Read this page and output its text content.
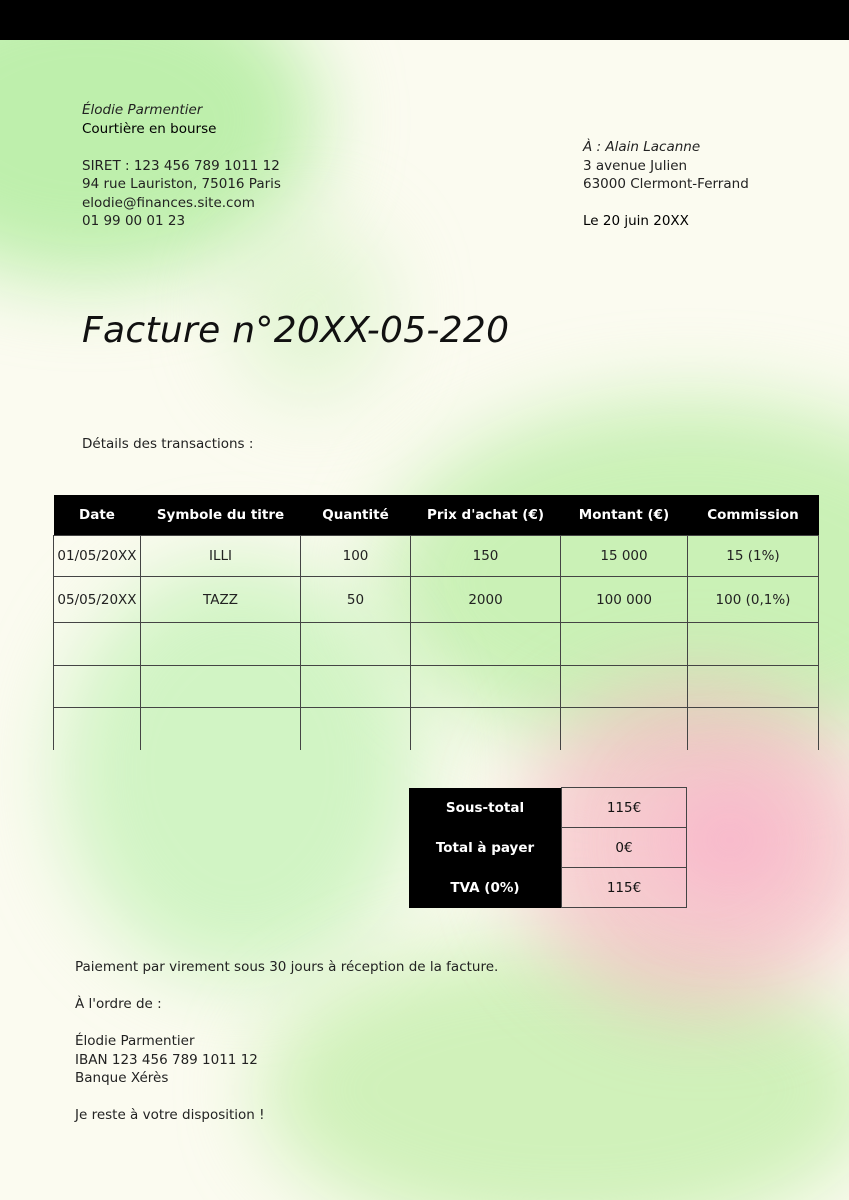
Élodie Parmentier
Courtière en bourse
SIRET : 123 456 789 1011 12
94 rue Lauriston, 75016 Paris
elodie@finances.site.com
01 99 00 01 23
À : Alain Lacanne
3 avenue Julien
63000 Clermont-Ferrand
Le 20 juin 20XX
Facture n°20XX-05-220
Détails des transactions :
Date	Symbole du titre	Quantité	Prix d'achat (€)	Montant (€)	Commission
01/05/20XX	ILLI	100	150	15 000	15 (1%)
05/05/20XX	TAZZ	50	2000	100 000	100 (0,1%)

Sous-total	115€
Total à payer	0€
TVA (0%)	115€
Paiement par virement sous 30 jours à réception de la facture.
À l'ordre de :
Élodie Parmentier
IBAN 123 456 789 1011 12
Banque Xérès
Je reste à votre disposition !
